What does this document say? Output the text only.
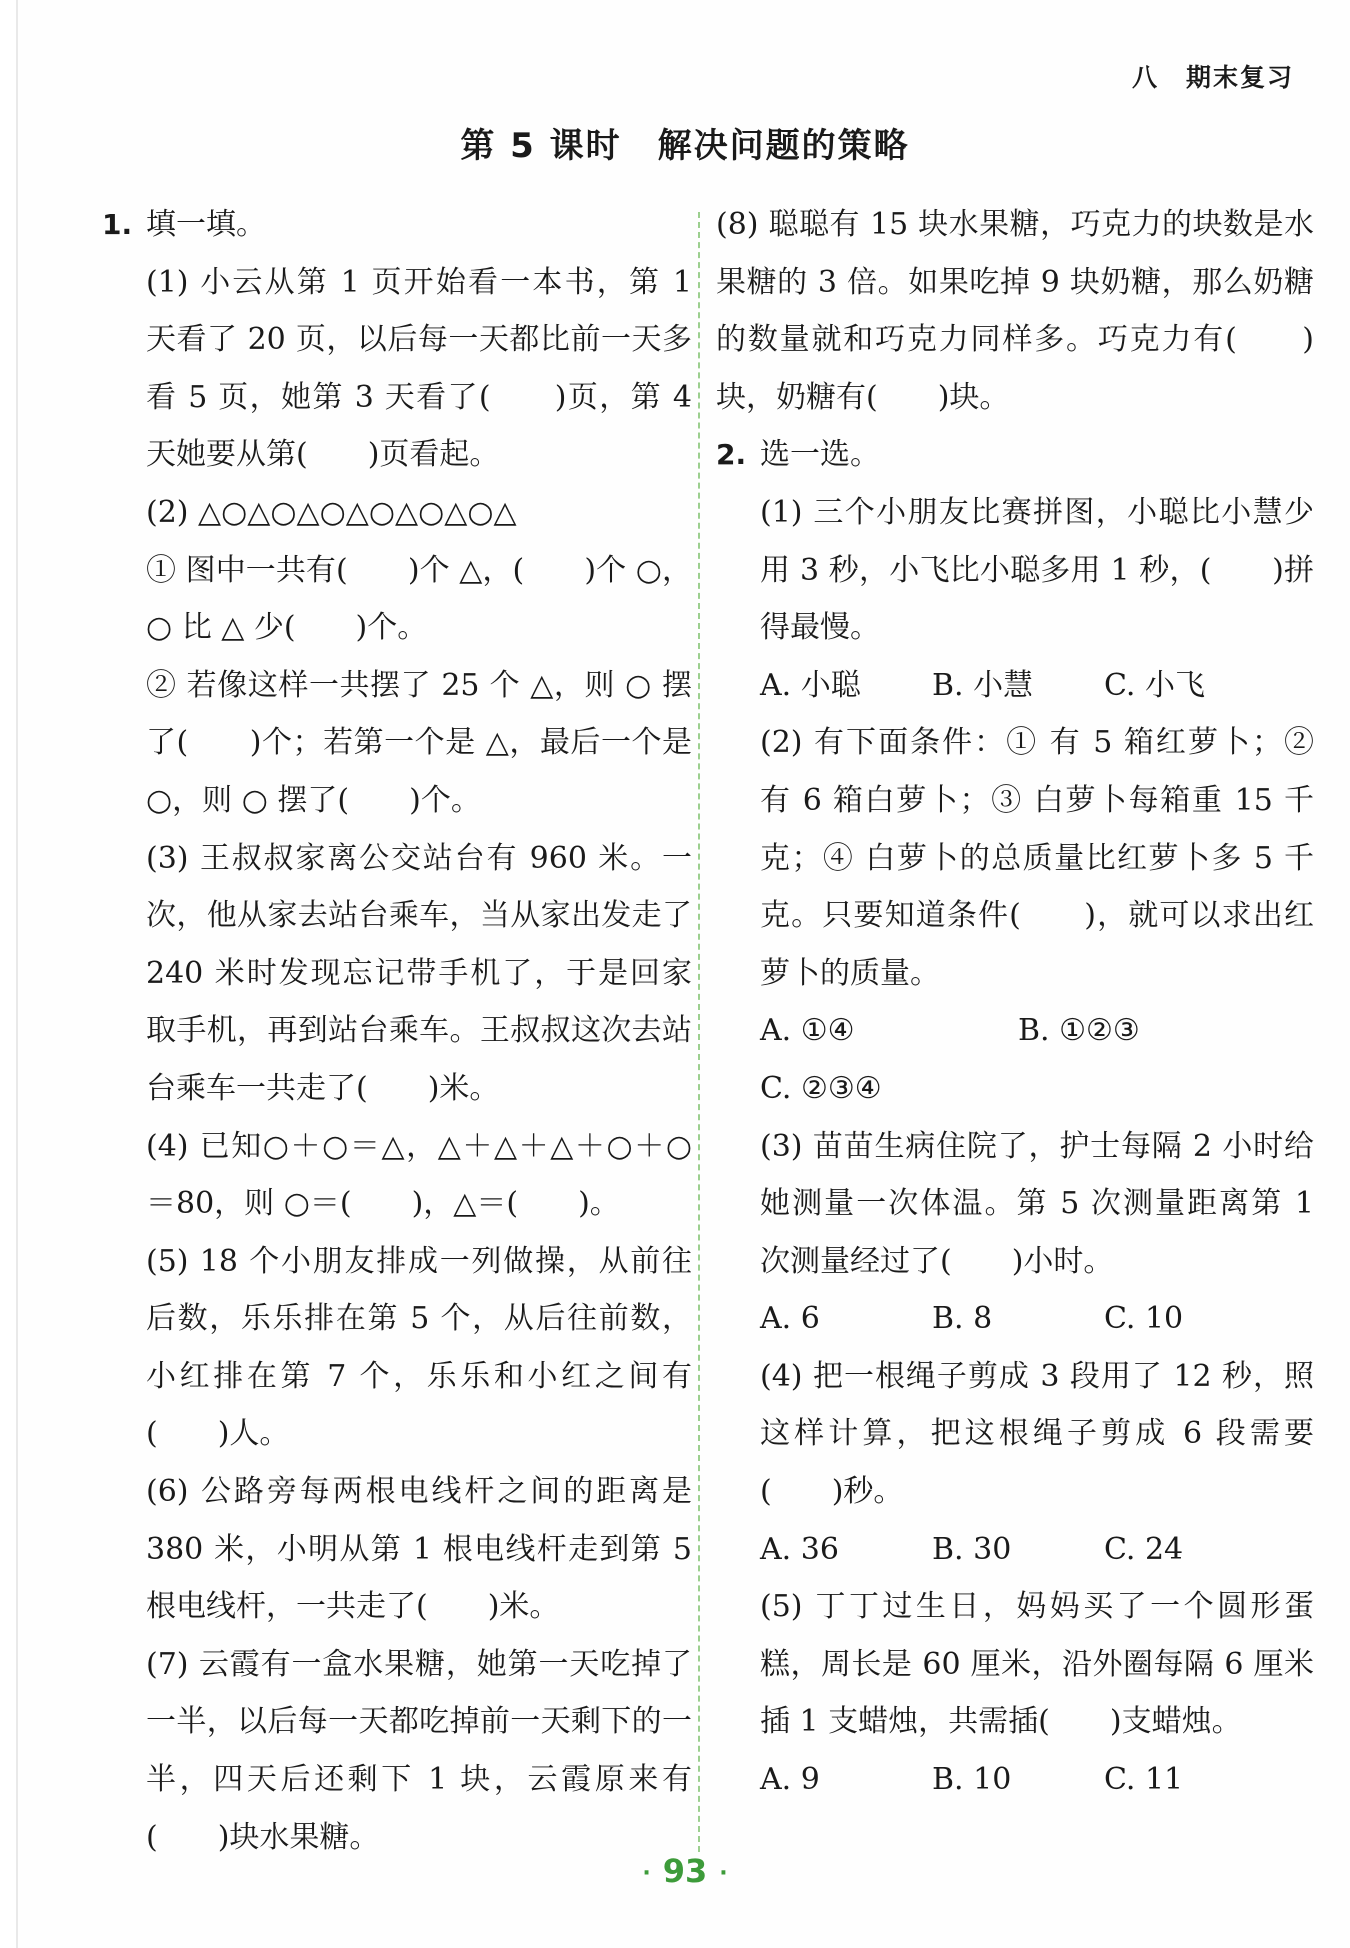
八　期末复习
第 5 课时　解决问题的策略
1. 填一填。
(1) 小云从第 1 页开始看一本书，第 1 天看了 20 页，以后每一天都比前一天多看 5 页，她第 3 天看了(　　)页，第 4 天她要从第(　　)页看起。
(2) △○△○△○△○△○△○△
① 图中一共有(　　)个 △，(　　)个 ○，○ 比 △ 少(　　)个。
② 若像这样一共摆了 25 个 △，则 ○ 摆了(　　)个；若第一个是 △，最后一个是 ○，则 ○ 摆了(　　)个。
(3) 王叔叔家离公交站台有 960 米。一次，他从家去站台乘车，当从家出发走了 240 米时发现忘记带手机了，于是回家取手机，再到站台乘车。王叔叔这次去站台乘车一共走了(　　)米。
(4) 已知○＋○＝△，△＋△＋△＋○＋○＝80，则 ○＝(　　)，△＝(　　)。
(5) 18 个小朋友排成一列做操，从前往后数，乐乐排在第 5 个，从后往前数，小红排在第 7 个，乐乐和小红之间有(　　)人。
(6) 公路旁每两根电线杆之间的距离是 380 米，小明从第 1 根电线杆走到第 5 根电线杆，一共走了(　　)米。
(7) 云霞有一盒水果糖，她第一天吃掉了一半，以后每一天都吃掉前一天剩下的一半，四天后还剩下 1 块，云霞原来有(　　)块水果糖。
(8) 聪聪有 15 块水果糖，巧克力的块数是水果糖的 3 倍。如果吃掉 9 块奶糖，那么奶糖的数量就和巧克力同样多。巧克力有(　　)块，奶糖有(　　)块。
2. 选一选。
(1) 三个小朋友比赛拼图，小聪比小慧少用 3 秒，小飞比小聪多用 1 秒，(　　)拼得最慢。
A. 小聪	B. 小慧	C. 小飞
(2) 有下面条件：① 有 5 箱红萝卜；② 有 6 箱白萝卜；③ 白萝卜每箱重 15 千克；④ 白萝卜的总质量比红萝卜多 5 千克。只要知道条件(　　)，就可以求出红萝卜的质量。
A. ①④	B. ①②③
C. ②③④
(3) 苗苗生病住院了，护士每隔 2 小时给她测量一次体温。第 5 次测量距离第 1 次测量经过了(　　)小时。
A. 6	B. 8	C. 10
(4) 把一根绳子剪成 3 段用了 12 秒，照这样计算，把这根绳子剪成 6 段需要(　　)秒。
A. 36	B. 30	C. 24
(5) 丁丁过生日，妈妈买了一个圆形蛋糕，周长是 60 厘米，沿外圈每隔 6 厘米插 1 支蜡烛，共需插(　　)支蜡烛。
A. 9	B. 10	C. 11
· 93 ·
